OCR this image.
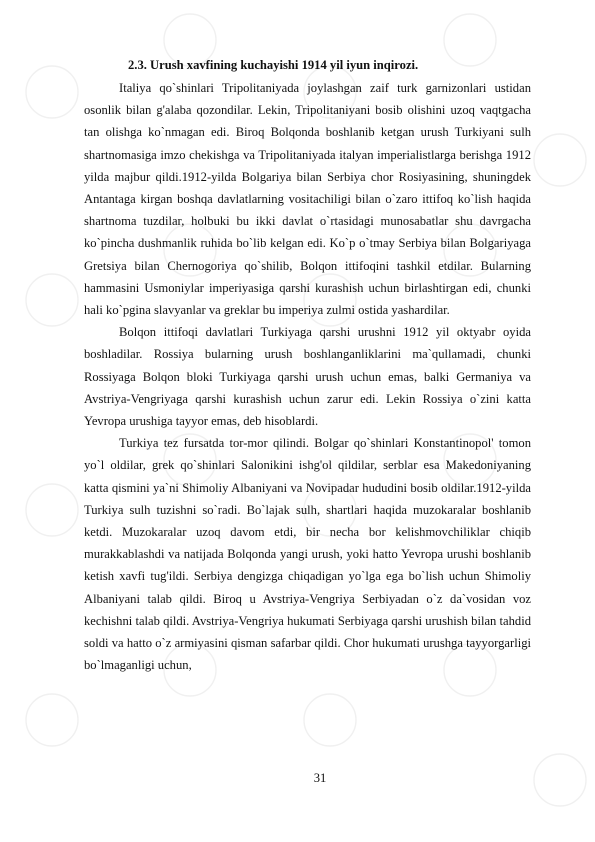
2.3. Urush xavfining kuchayishi 1914 yil iyun inqirozi.

Italiya qo`shinlari Tripolitaniyada joylashgan zaif turk garnizonlari ustidan osonlik bilan g'alaba qozondilar. Lekin, Tripolitaniyani bosib olishini uzoq vaqtgacha tan olishga ko`nmagan edi. Biroq Bolqonda boshlanib ketgan urush Turkiyani sulh shartnomasiga imzo chekishga va Tripolitaniyada italyan imperialistlarga berishga 1912 yilda majbur qildi.1912-yilda Bolgariya bilan Serbiya chor Rosiyasining, shuningdek Antantaga kirgan boshqa davlatlarning vositachiligi bilan o`zaro ittifoq ko`lish haqida shartnoma tuzdilar, holbuki bu ikki davlat o`rtasidagi munosabatlar shu davrgacha ko`pincha dushmanlik ruhida bo`lib kelgan edi. Ko`p o`tmay Serbiya bilan Bolgariyaga Gretsiya bilan Chernogoriya qo`shilib, Bolqon ittifoqini tashkil etdilar. Bularning hammasini Usmoniylar imperiyasiga qarshi kurashish uchun birlashtirgan edi, chunki hali ko`pgina slavyanlar va greklar bu imperiya zulmi ostida yashardilar.

Bolqon ittifoqi davlatlari Turkiyaga qarshi urushni 1912 yil oktyabr oyida boshladilar. Rossiya bularning urush boshlanganliklarini ma`qullamadi, chunki Rossiyaga Bolqon bloki Turkiyaga qarshi urush uchun emas, balki Germaniya va Avstriya-Vengriyaga qarshi kurashish uchun zarur edi. Lekin Rossiya o`zini katta Yevropa urushiga tayyor emas, deb hisoblardi.

Turkiya tez fursatda tor-mor qilindi. Bolgar qo`shinlari Konstantinopol' tomon yo`l oldilar, grek qo`shinlari Salonikini ishg'ol qildilar, serblar esa Makedoniyaning katta qismini ya`ni Shimoliy Albaniyani va Novipadar hududini bosib oldilar.1912-yilda Turkiya sulh tuzishni so`radi. Bo`lajak sulh, shartlari haqida muzokaralar boshlanib ketdi. Muzokaralar uzoq davom etdi, bir necha bor kelishmovchiliklar chiqib murakkablashdi va natijada Bolqonda yangi urush, yoki hatto Yevropa urushi boshlanib ketish xavfi tug'ildi. Serbiya dengizga chiqadigan yo`lga ega bo`lish uchun Shimoliy Albaniyani talab qildi. Biroq u Avstriya-Vengriya Serbiyadan o`z da`vosidan voz kechishni talab qildi. Avstriya-Vengriya hukumati Serbiyaga qarshi urushish bilan tahdid soldi va hatto o`z armiyasini qisman safarbar qildi. Chor hukumati urushga tayyorgarligi bo`lmaganligi uchun,

31
